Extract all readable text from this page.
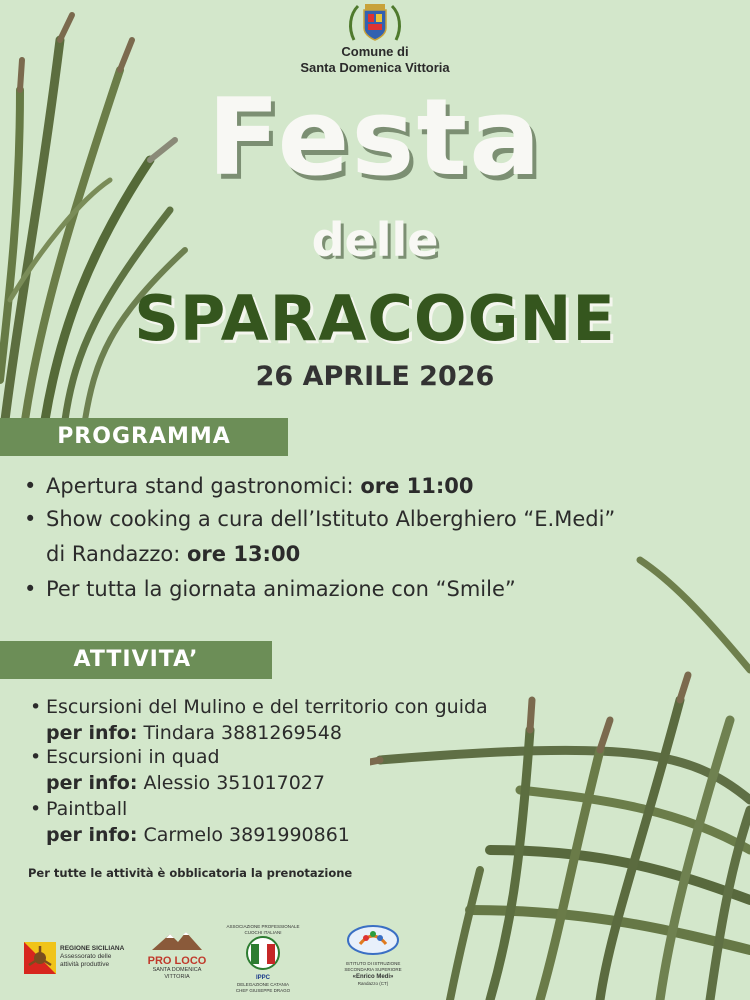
Comune di
Santa Domenica Vittoria
Festa
delle
SPARACOGNE
26 APRILE 2026
PROGRAMMA
• Apertura stand gastronomici: ore 11:00
• Show cooking a cura dell’Istituto Alberghiero “E.Medi”
di Randazzo: ore 13:00
• Per tutta la giornata animazione con “Smile”
ATTIVITA’
• Escursioni del Mulino e del territorio con guida
per info: Tindara 3881269548
• Escursioni in quad
per info: Alessio 351017027
• Paintball
per info: Carmelo 3891990861
Per tutte le attività è obblicatoria la prenotazione
REGIONE SICILIANA
Assessorato delle
attività produttive	PRO LOCO
SANTA DOMENICA VITTORIA
ASSOCIAZIONE PROFESSIONALE
CUOCHI ITALIANI
IPPC
DELEGAZIONE CATANIA
CHEF GIUSEPPE DRAGO
ISTITUTO DI ISTRUZIONE
SECONDARIA SUPERIORE
«Enrico Medi»
Randazzo (CT)
